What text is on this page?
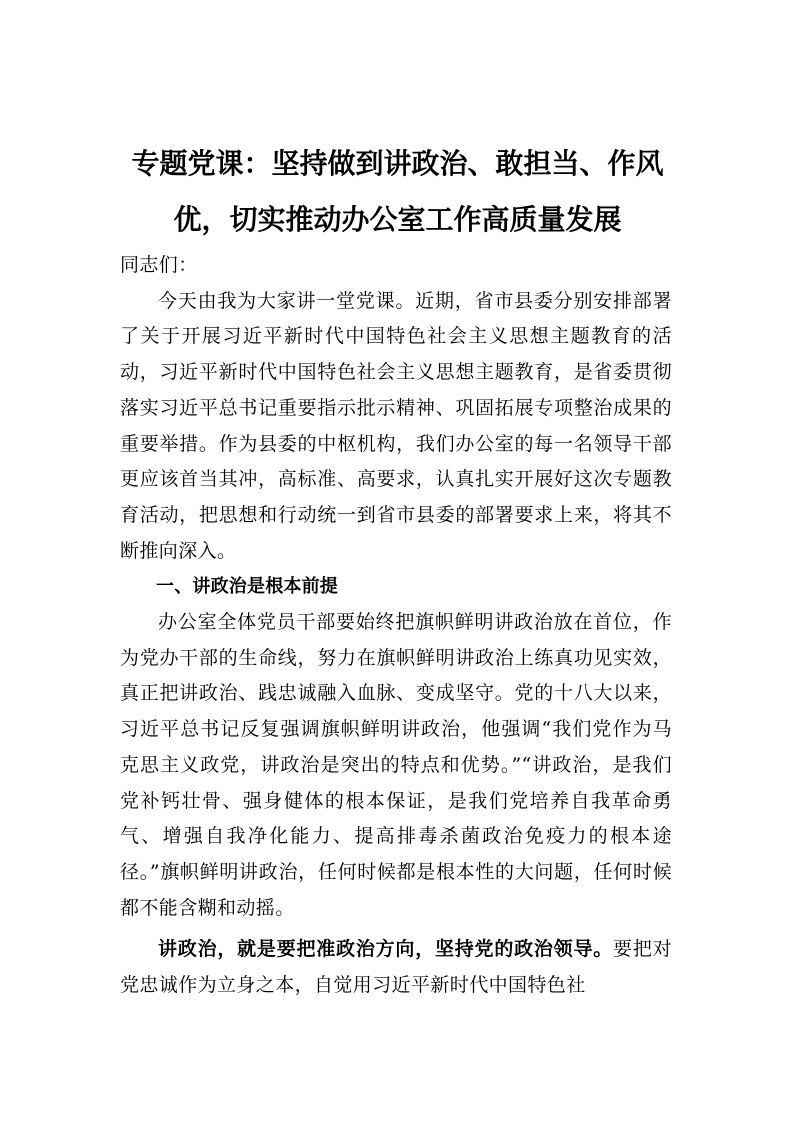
专题党课：坚持做到讲政治、敢担当、作风
优，切实推动办公室工作高质量发展

同志们：

今天由我为大家讲一堂党课。近期，省市县委分别安排部署了关于开展习近平新时代中国特色社会主义思想主题教育的活动，习近平新时代中国特色社会主义思想主题教育，是省委贯彻落实习近平总书记重要指示批示精神、巩固拓展专项整治成果的重要举措。作为县委的中枢机构，我们办公室的每一名领导干部更应该首当其冲，高标准、高要求，认真扎实开展好这次专题教育活动，把思想和行动统一到省市县委的部署要求上来，将其不断推向深入。

一、讲政治是根本前提

办公室全体党员干部要始终把旗帜鲜明讲政治放在首位，作为党办干部的生命线，努力在旗帜鲜明讲政治上练真功见实效，真正把讲政治、践忠诚融入血脉、变成坚守。党的十八大以来，习近平总书记反复强调旗帜鲜明讲政治，他强调“我们党作为马克思主义政党，讲政治是突出的特点和优势。”“讲政治，是我们党补钙壮骨、强身健体的根本保证，是我们党培养自我革命勇气、增强自我净化能力、提高排毒杀菌政治免疫力的根本途径。”旗帜鲜明讲政治，任何时候都是根本性的大问题，任何时候都不能含糊和动摇。

讲政治，就是要把准政治方向，坚持党的政治领导。要把对党忠诚作为立身之本，自觉用习近平新时代中国特色社
